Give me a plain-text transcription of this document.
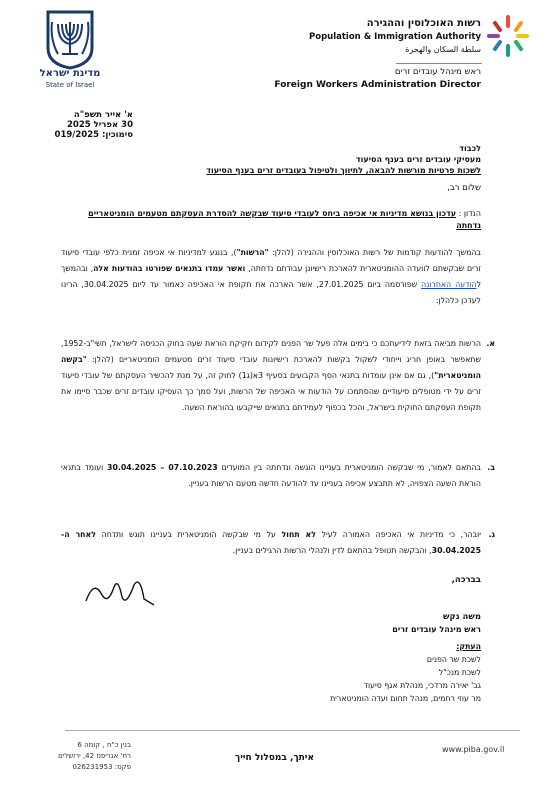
מדינת ישראל
State of Israel
רשות האוכלוסין וההגירה
Population & Immigration Authority
سلطة السكان والهجرة
ראש מינהל עובדים זרים
Foreign Workers Administration Director
א' אייר תשפ"ה
30 אפריל 2025
סימוכין: 019/2025
לכבוד
מעסיקי עובדים זרים בענף הסיעוד
לשכות פרטיות מורשות להבאה, לתיווך ולטיפול בעובדים זרים בענף הסיעוד
שלום רב,
הנדון : עדכון בנושא מדיניות אי אכיפה ביחס לעובדי סיעוד שבקשה להסדרת העסקתם מטעמים הומניטאריים נדחתה
בהמשך להודעות קודמות של רשות האוכלוסין וההגירה (להלן: "הרשות"), בנוגע למדיניות אי אכיפה זמנית כלפי עובדי סיעוד זרים שבקשתם לוועדה ההומניטארית להארכת רישיונן עבודתם נדחתה, ואשר עמדו בתנאים שפורטו בהודעות אלה, ובהמשך להודעה האחרונה שפורסמה ביום 27.01.2025, אשר הארכה את תקופת אי האכיפה כאמור עד ליום 30.04.2025, הרינו לעדכן כלהלן:
א.
הרשות מביאה בזאת לידיעתכם כי בימים אלה פעל שר הפנים לקידום חקיקת הוראת שעה בחוק הכניסה לישראל, תשי"ב-1952, שתאפשר באופן חריג וייחודי לשקול בקשות להארכת רישיונות עובדי סיעוד זרים מטעמים הומניטאריים (להלן: "בקשה הומניטארית"), גם אם אינן עומדות בתנאי הסף הקבועים בסעיף 3א(ג1) לחוק זה, על מנת להכשיר העסקתם של עובדי סיעוד זרים על ידי מטופלים סיעודיים שהסתמכו על הודעות אי האכיפה של הרשות, ועל סמך כך העסיקו עובדים זרים שכבר סיימו את תקופת העסקתם החוקית בישראל, והכל בכפוף לעמידתם בתנאים שייקבעו בהוראת השעה.
ב.
בהתאם לאמור, מי שבקשה הומניטארית בעניינו הוגשה ונדחתה בין המועדים 07.10.2023 – 30.04.2025 ועומד בתנאי הוראת השעה הצפויה, לא תתבצע אכיפה בעניינו עד להודעה חדשה מטעם הרשות בעניין.
ג.
יובהר, כי מדיניות אי האכיפה האמורה לעיל לא תחול על מי שבקשה הומניטארית בעניינו תוגש ותדחה לאחר ה- 30.04.2025, והבקשה תטופל בהתאם לדין ולנהלי הרשות הרגילים בעניין.
בברכה,
משה נקש
ראש מינהל עובדים זרים
העתק:
לשכת שר הפנים
לשכת מנכ"ל
גב' יאירה מרדכי, מנהלת אגף סיעוד
מר עוזי רחמים, מנהל תחום ועדה הומניטארית
www.piba.gov.il
איתך, במסלול חייך
בנין כ"ח , קומה 6
רח' אגריפס 42, ירושלים
פקס: 026231953
